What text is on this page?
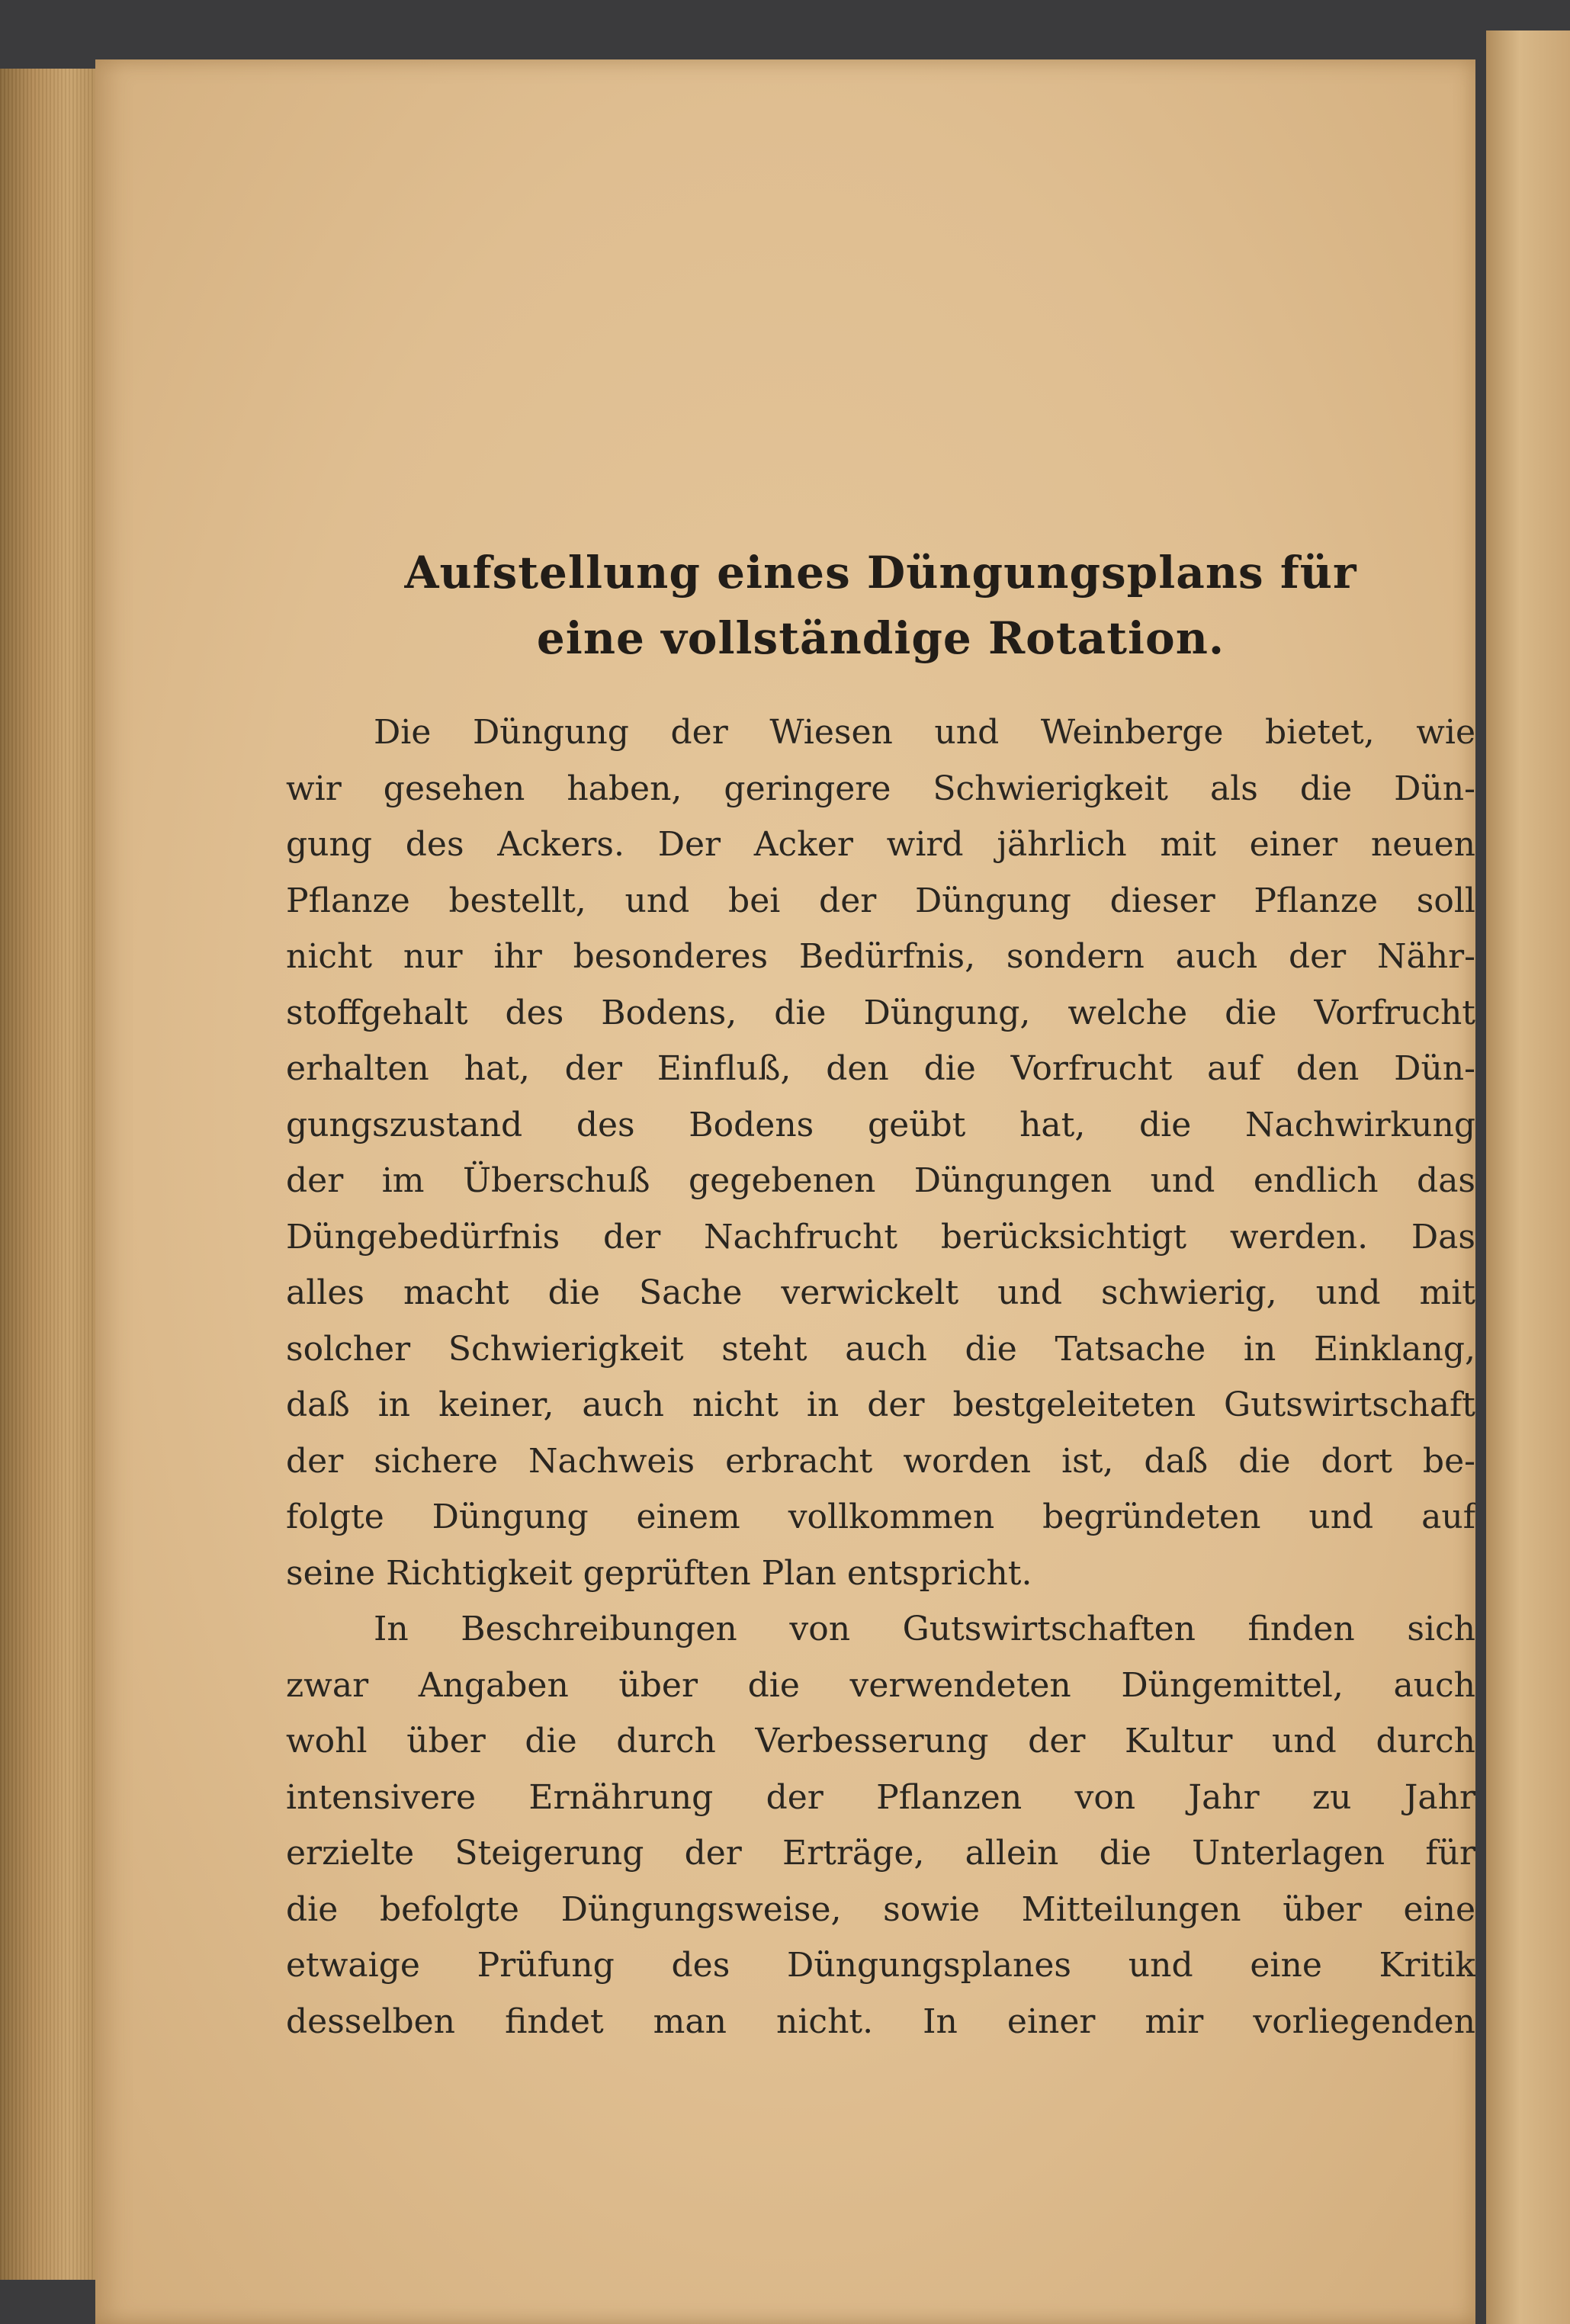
Aufstellung eines Düngungsplans für
eine vollständige Rotation.
Die Düngung der Wiesen und Weinberge bietet, wie
wir gesehen haben, geringere Schwierigkeit als die Dün-
gung des Ackers. Der Acker wird jährlich mit einer neuen
Pflanze bestellt, und bei der Düngung dieser Pflanze soll
nicht nur ihr besonderes Bedürfnis, sondern auch der Nähr-
stoffgehalt des Bodens, die Düngung, welche die Vorfrucht
erhalten hat, der Einfluß, den die Vorfrucht auf den Dün-
gungszustand des Bodens geübt hat, die Nachwirkung
der im Überschuß gegebenen Düngungen und endlich das
Düngebedürfnis der Nachfrucht berücksichtigt werden. Das
alles macht die Sache verwickelt und schwierig, und mit
solcher Schwierigkeit steht auch die Tatsache in Einklang,
daß in keiner, auch nicht in der bestgeleiteten Gutswirtschaft
der sichere Nachweis erbracht worden ist, daß die dort be-
folgte Düngung einem vollkommen begründeten und auf
seine Richtigkeit geprüften Plan entspricht.
In Beschreibungen von Gutswirtschaften finden sich
zwar Angaben über die verwendeten Düngemittel, auch
wohl über die durch Verbesserung der Kultur und durch
intensivere Ernährung der Pflanzen von Jahr zu Jahr
erzielte Steigerung der Erträge, allein die Unterlagen für
die befolgte Düngungsweise, sowie Mitteilungen über eine
etwaige Prüfung des Düngungsplanes und eine Kritik
desselben findet man nicht. In einer mir vorliegenden
